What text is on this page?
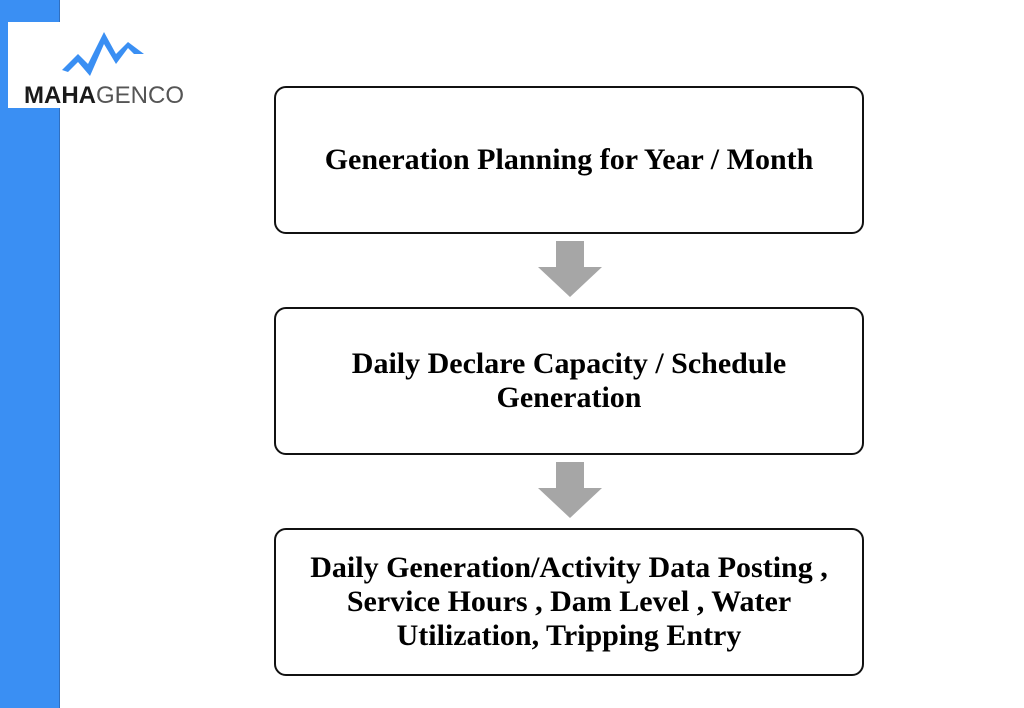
MAHAGENCO
Generation Planning for Year / Month
Daily Declare Capacity / Schedule Generation
Daily Generation/Activity Data Posting , Service Hours , Dam Level , Water Utilization, Tripping Entry
